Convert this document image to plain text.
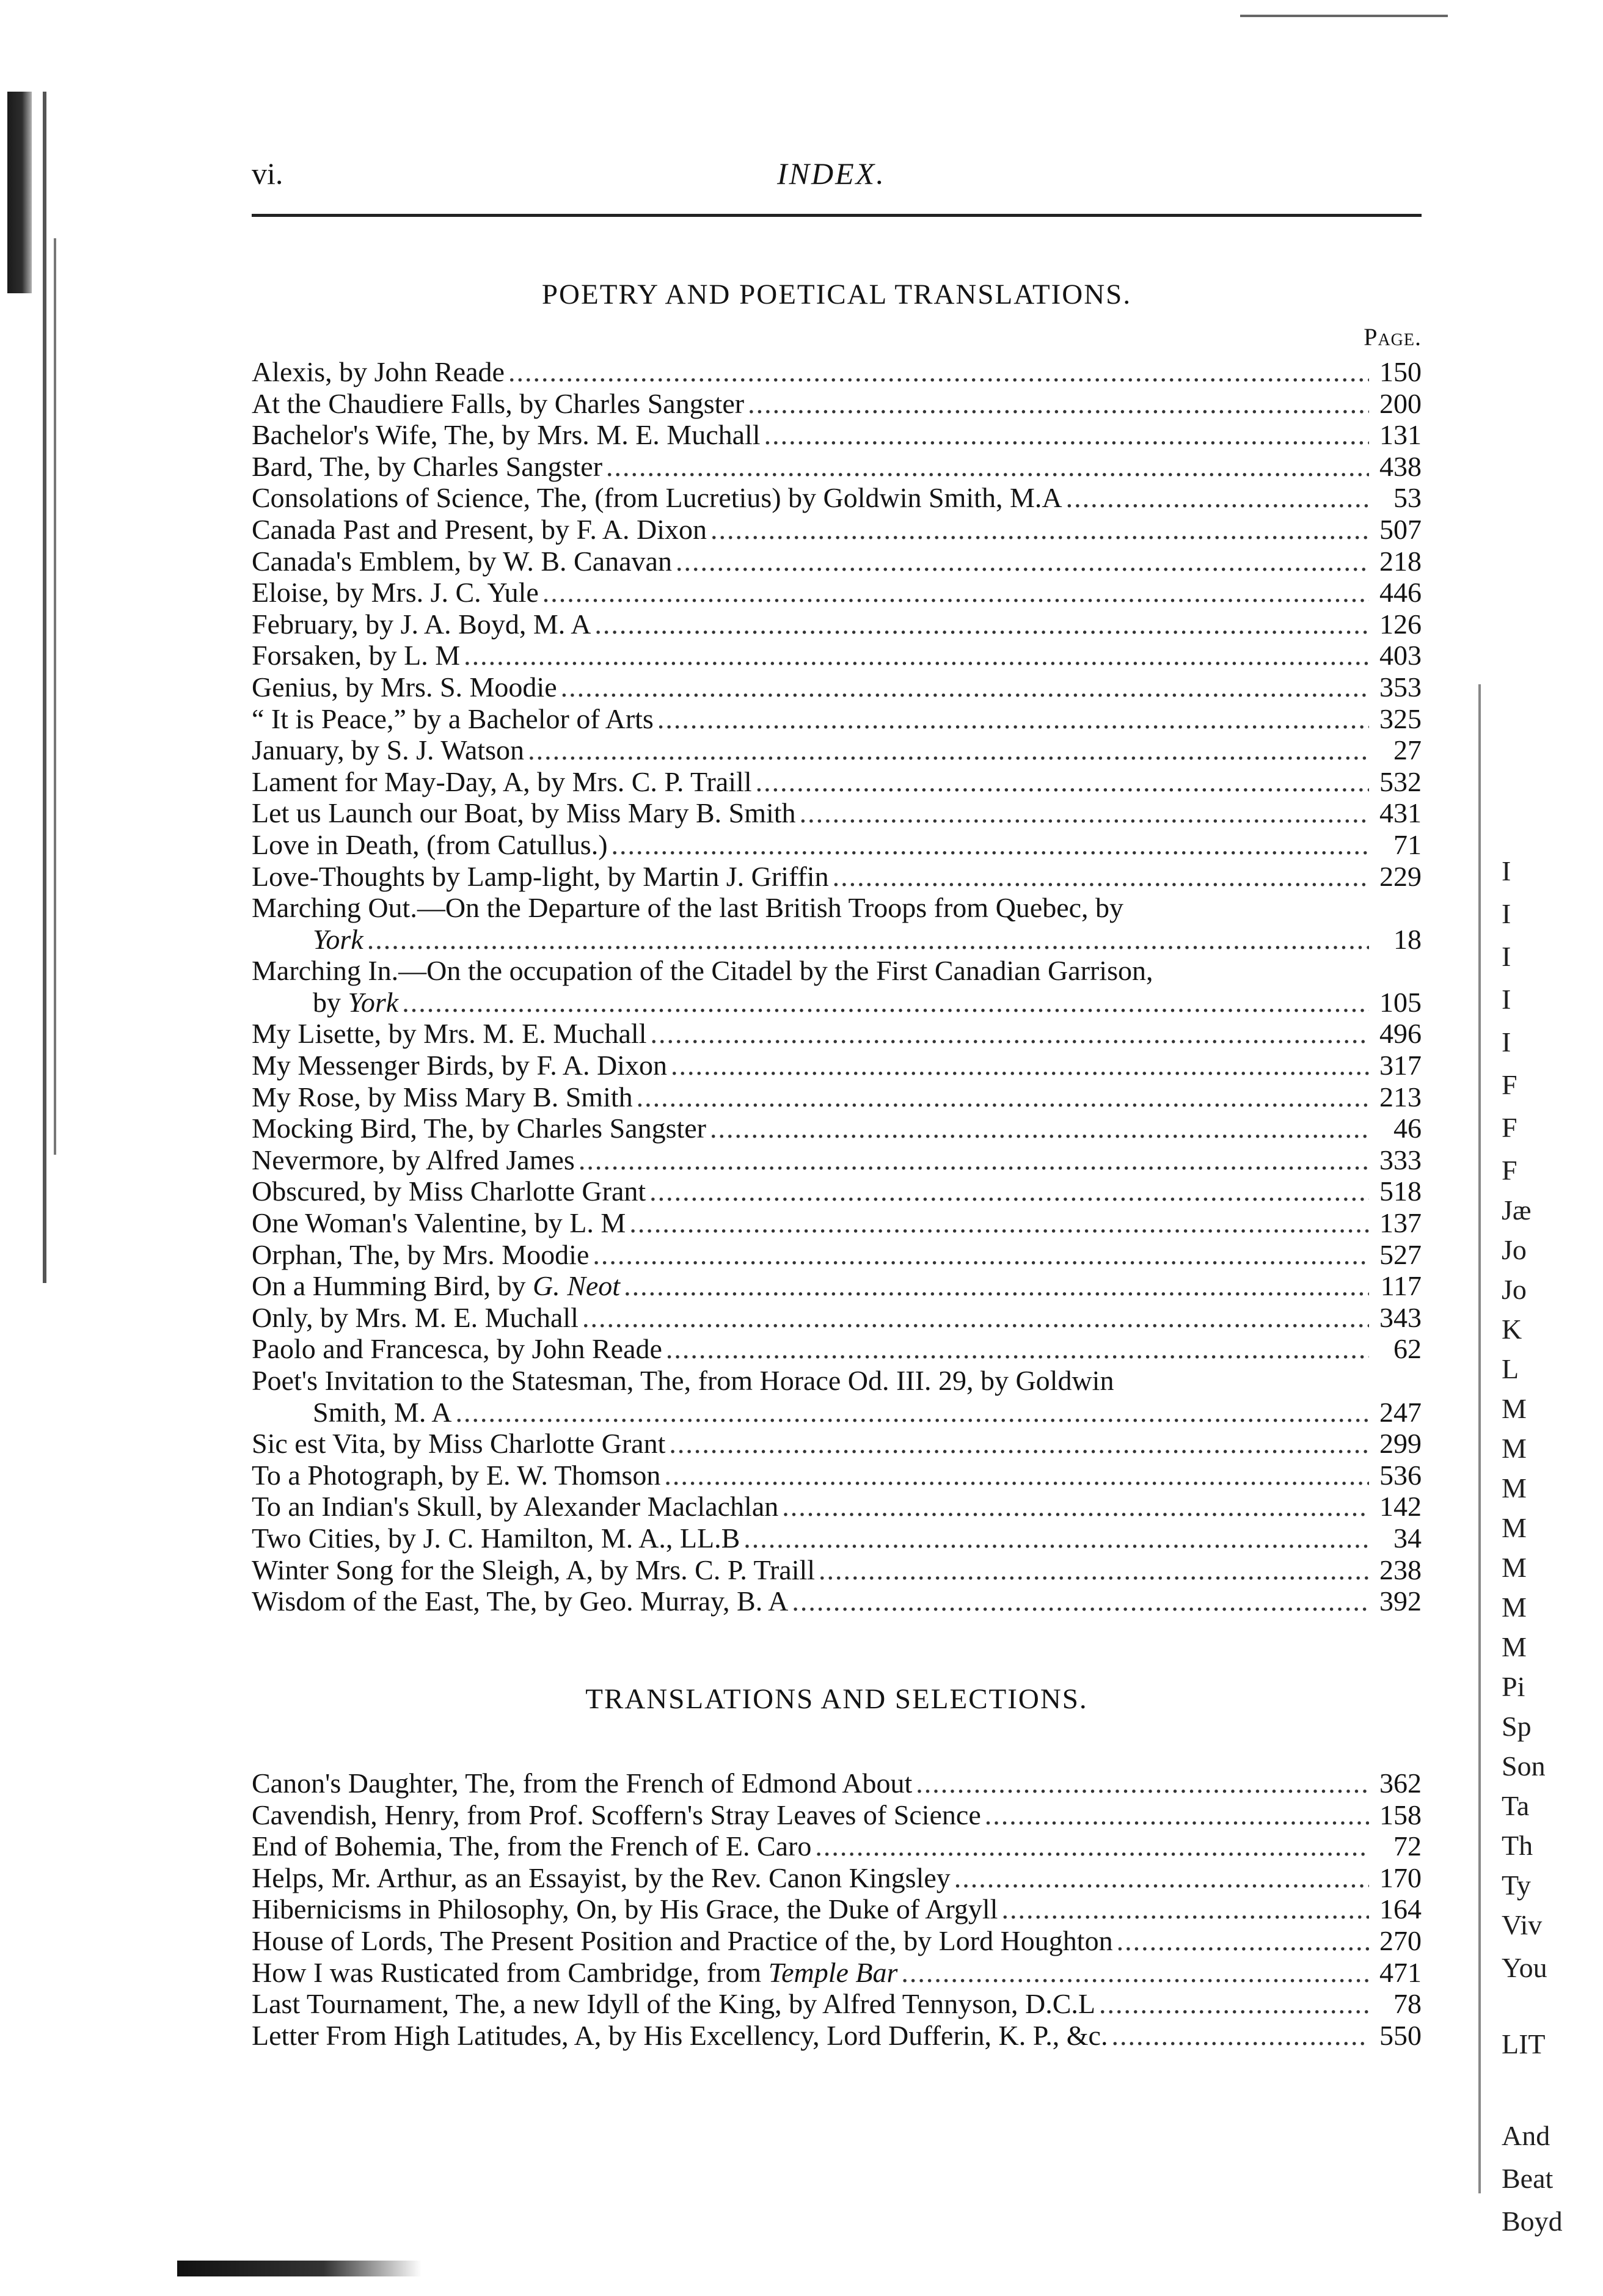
vi.	INDEX.
POETRY AND POETICAL TRANSLATIONS.
Page.
Alexis, by John Reade .....	150
At the Chaudiere Falls, by Charles Sangster .....	200
Bachelor's Wife, The, by Mrs. M. E. Muchall .....	131
Bard, The, by Charles Sangster .....	438
Consolations of Science, The, (from Lucretius) by Goldwin Smith, M.A .....	53
Canada Past and Present, by F. A. Dixon .....	507
Canada's Emblem, by W. B. Canavan .....	218
Eloise, by Mrs. J. C. Yule .....	446
February, by J. A. Boyd, M. A .....	126
Forsaken, by L. M .....	403
Genius, by Mrs. S. Moodie .....	353
“ It is Peace,” by a Bachelor of Arts .....	325
January, by S. J. Watson .....	27
Lament for May-Day, A, by Mrs. C. P. Traill .....	532
Let us Launch our Boat, by Miss Mary B. Smith .....	431
Love in Death, (from Catullus.) .....	71
Love-Thoughts by Lamp-light, by Martin J. Griffin .....	229
Marching Out.—On the Departure of the last British Troops from Quebec, by
York .....	18
Marching In.—On the occupation of the Citadel by the First Canadian Garrison,
by York .....	105
My Lisette, by Mrs. M. E. Muchall .....	496
My Messenger Birds, by F. A. Dixon .....	317
My Rose, by Miss Mary B. Smith .....	213
Mocking Bird, The, by Charles Sangster .....	46
Nevermore, by Alfred James .....	333
Obscured, by Miss Charlotte Grant .....	518
One Woman's Valentine, by L. M .....	137
Orphan, The, by Mrs. Moodie .....	527
On a Humming Bird, by G. Neot .....	117
Only, by Mrs. M. E. Muchall .....	343
Paolo and Francesca, by John Reade .....	62
Poet's Invitation to the Statesman, The, from Horace Od. III. 29, by Goldwin
Smith, M. A .....	247
Sic est Vita, by Miss Charlotte Grant .....	299
To a Photograph, by E. W. Thomson .....	536
To an Indian's Skull, by Alexander Maclachlan .....	142
Two Cities, by J. C. Hamilton, M. A., LL.B .....	34
Winter Song for the Sleigh, A, by Mrs. C. P. Traill .....	238
Wisdom of the East, The, by Geo. Murray, B. A .....	392
TRANSLATIONS AND SELECTIONS.
Canon's Daughter, The, from the French of Edmond About .....	362
Cavendish, Henry, from Prof. Scoffern's Stray Leaves of Science .....	158
End of Bohemia, The, from the French of E. Caro .....	72
Helps, Mr. Arthur, as an Essayist, by the Rev. Canon Kingsley .....	170
Hibernicisms in Philosophy, On, by His Grace, the Duke of Argyll .....	164
House of Lords, The Present Position and Practice of the, by Lord Houghton .....	270
How I was Rusticated from Cambridge, from Temple Bar .....	471
Last Tournament, The, a new Idyll of the King, by Alfred Tennyson, D.C.L .....	78
Letter From High Latitudes, A, by His Excellency, Lord Dufferin, K. P., &c. .....	550
I
I
I
I
I
F
F
F
Jæ
Jo
Jo
K
L
M
M
M
M
M
M
M
Pi
Sp
Son
Ta
Th
Ty
Viv
You
LIT
And
Beat
Boyd
